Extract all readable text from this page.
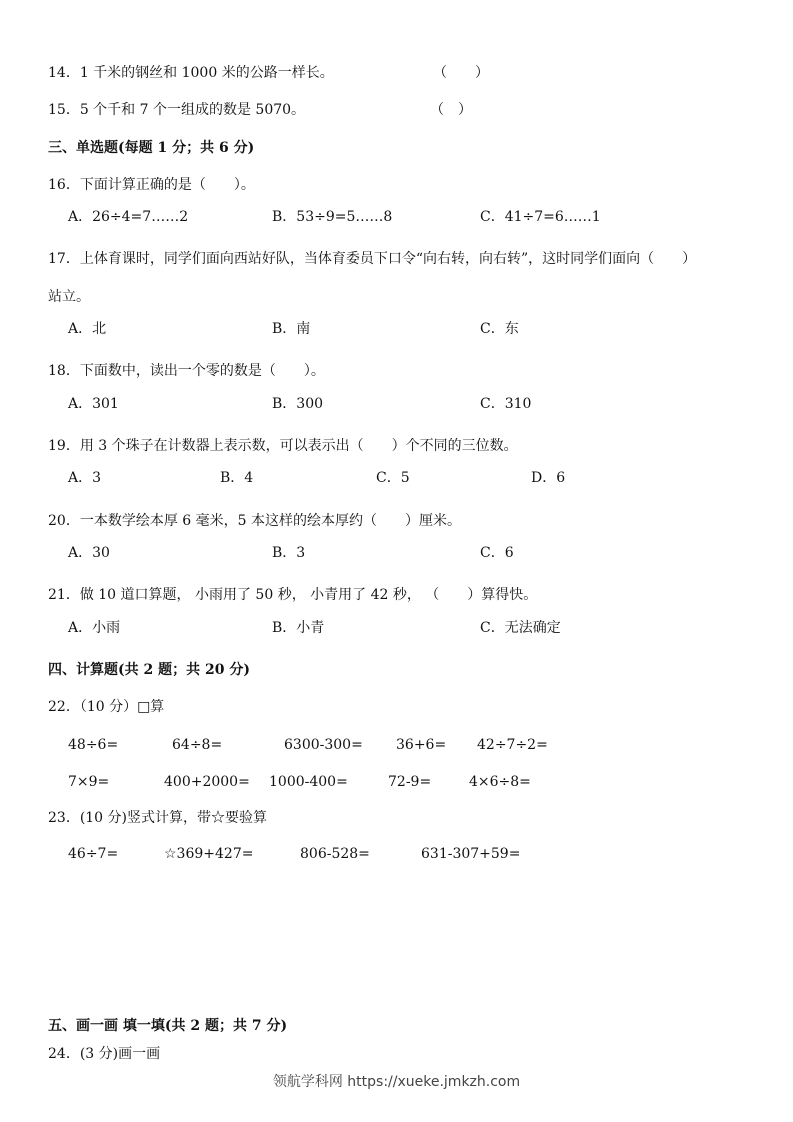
14．1 千米的钢丝和 1000 米的公路一样长。	（　　）
15．5 个千和 7 个一组成的数是 5070。	（　）
三、单选题(每题 1 分；共 6 分)
16．下面计算正确的是（　　）。
A．26÷4=7……2	B．53÷9=5……8	C．41÷7=6……1
17．上体育课时，同学们面向西站好队，当体育委员下口令“向右转，向右转”，这时同学们面向（　　）
站立。
A．北	B．南	C．东
18．下面数中，读出一个零的数是（　　）。
A．301	B．300	C．310
19．用 3 个珠子在计数器上表示数，可以表示出（　　）个不同的三位数。
A．3	B．4	C．5	D．6
20．一本数学绘本厚 6 毫米，5 本这样的绘本厚约（　　）厘米。
A．30	B．3	C．6
21．做 10 道口算题， 小雨用了 50 秒， 小青用了 42 秒， （　　）算得快。
A．小雨	B．小青	C．无法确定
四、计算题(共 2 题；共 20 分)
22．（10 分）□算
48÷6=	64÷8=	6300-300= 36+6= 42÷7÷2=
7×9=	400+2000= 1000-400=	72-9=	4×6÷8=
23．(10 分)竖式计算，带☆要验算
46÷7=	☆369+427=	806-528=	631-307+59=
五、画一画 填一填(共 2 题；共 7 分)
24．(3 分)画一画
领航学科网 https://xueke.jmkzh.com
